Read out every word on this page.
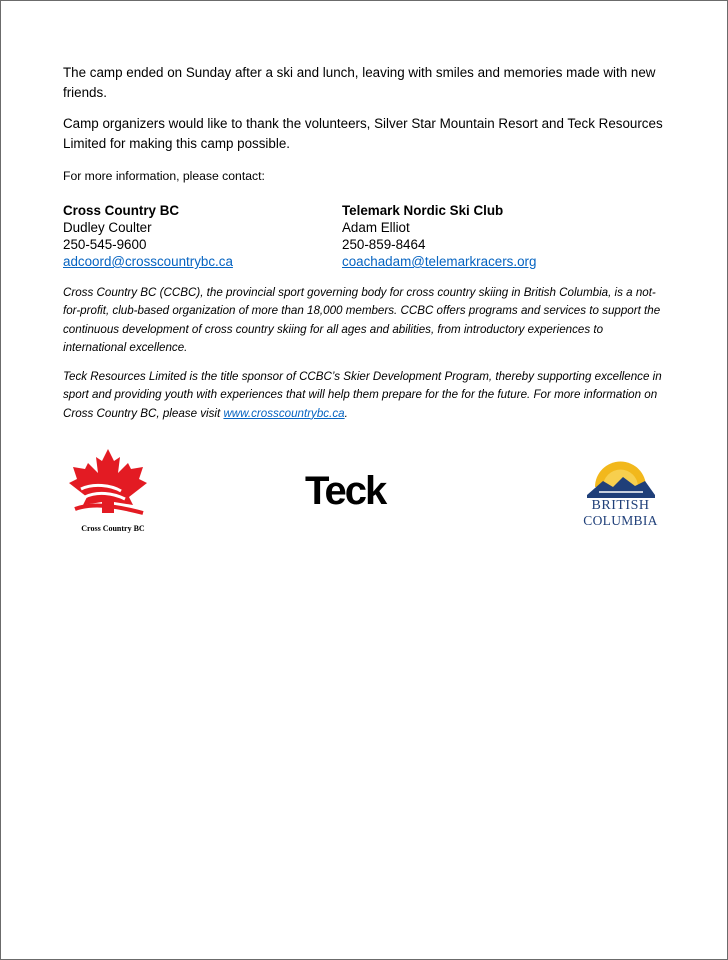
The camp ended on Sunday after a ski and lunch, leaving with smiles and memories made with new friends.

Camp organizers would like to thank the volunteers, Silver Star Mountain Resort and Teck Resources Limited for making this camp possible.

For more information, please contact:

Cross Country BC
Dudley Coulter
250-545-9600
adcoord@crosscountrybc.ca
Telemark Nordic Ski Club
Adam Elliot
250-859-8464
coachadam@telemarkracers.org

Cross Country BC (CCBC), the provincial sport governing body for cross country skiing in British Columbia, is a not-for-profit, club-based organization of more than 18,000 members. CCBC offers programs and services to support the continuous development of cross country skiing for all ages and abilities, from introductory experiences to international excellence.

Teck Resources Limited is the title sponsor of CCBC’s Skier Development Program, thereby supporting excellence in sport and providing youth with experiences that will help them prepare for the for the future. For more information on Cross Country BC, please visit www.crosscountrybc.ca.

Cross Country BC
Teck	BRITISH
COLUMBIA
